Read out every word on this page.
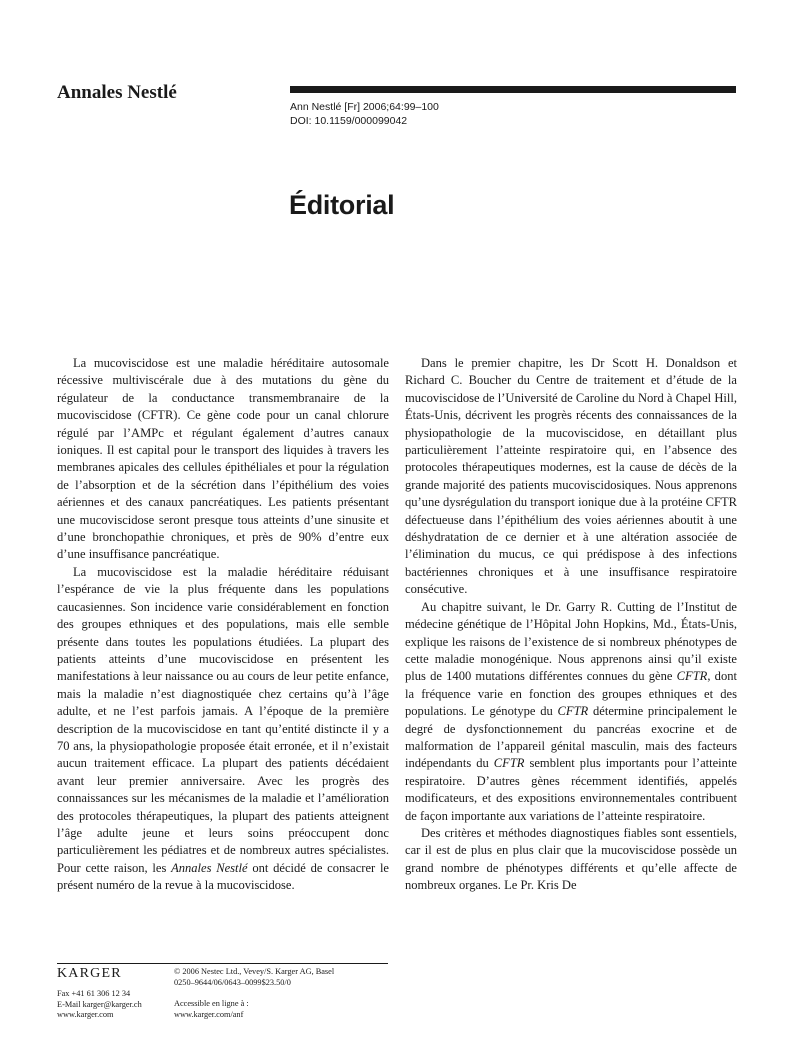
Annales Nestlé
Ann Nestlé [Fr] 2006;64:99–100
DOI: 10.1159/000099042
Éditorial

La mucoviscidose est une maladie héréditaire autosomale récessive multiviscérale due à des mutations du gène du régulateur de la conductance transmembranaire de la mucoviscidose (CFTR). Ce gène code pour un canal chlorure régulé par l’AMPc et régulant également d’autres canaux ioniques. Il est capital pour le transport des liquides à travers les membranes apicales des cellules épithéliales et pour la régulation de l’absorption et de la sécrétion dans l’épithélium des voies aériennes et des canaux pancréatiques. Les patients présentant une mucoviscidose seront presque tous atteints d’une sinusite et d’une bronchopathie chroniques, et près de 90% d’entre eux d’une insuffisance pancréatique.

La mucoviscidose est la maladie héréditaire réduisant l’espérance de vie la plus fréquente dans les populations caucasiennes. Son incidence varie considérablement en fonction des groupes ethniques et des populations, mais elle semble présente dans toutes les populations étudiées. La plupart des patients atteints d’une mucoviscidose en présentent les manifestations à leur naissance ou au cours de leur petite enfance, mais la maladie n’est diagnostiquée chez certains qu’à l’âge adulte, et ne l’est parfois jamais. A l’époque de la première description de la mucoviscidose en tant qu’entité distincte il y a 70 ans, la physiopathologie proposée était erronée, et il n’existait aucun traitement efficace. La plupart des patients décédaient avant leur premier anniversaire. Avec les progrès des connaissances sur les mécanismes de la maladie et l’amélioration des protocoles thérapeutiques, la plupart des patients atteignent l’âge adulte jeune et leurs soins préoccupent donc particulièrement les pédiatres et de nombreux autres spécialistes. Pour cette raison, les Annales Nestlé ont décidé de consacrer le présent numéro de la revue à la mucoviscidose.

Dans le premier chapitre, les Dr Scott H. Donaldson et Richard C. Boucher du Centre de traitement et d’étude de la mucoviscidose de l’Université de Caroline du Nord à Chapel Hill, États-Unis, décrivent les progrès récents des connaissances de la physiopathologie de la mucoviscidose, en détaillant plus particulièrement l’atteinte respiratoire qui, en l’absence des protocoles thérapeutiques modernes, est la cause de décès de la grande majorité des patients mucoviscidosiques. Nous apprenons qu’une dysrégulation du transport ionique due à la protéine CFTR défectueuse dans l’épithélium des voies aériennes aboutit à une déshydratation de ce dernier et à une altération associée de l’élimination du mucus, ce qui prédispose à des infections bactériennes chroniques et à une insuffisance respiratoire consécutive.

Au chapitre suivant, le Dr. Garry R. Cutting de l’Institut de médecine génétique de l’Hôpital John Hopkins, Md., États-Unis, explique les raisons de l’existence de si nombreux phénotypes de cette maladie monogénique. Nous apprenons ainsi qu’il existe plus de 1400 mutations différentes connues du gène CFTR, dont la fréquence varie en fonction des groupes ethniques et des populations. Le génotype du CFTR détermine principalement le degré de dysfonctionnement du pancréas exocrine et de malformation de l’appareil génital masculin, mais des facteurs indépendants du CFTR semblent plus importants pour l’atteinte respiratoire. D’autres gènes récemment identifiés, appelés modificateurs, et des expositions environnementales contribuent de façon importante aux variations de l’atteinte respiratoire.

Des critères et méthodes diagnostiques fiables sont essentiels, car il est de plus en plus clair que la mucoviscidose possède un grand nombre de phénotypes différents et qu’elle affecte de nombreux organes. Le Pr. Kris De

KARGER
Fax +41 61 306 12 34
E-Mail karger@karger.ch
www.karger.com
© 2006 Nestec Ltd., Vevey/S. Karger AG, Basel
0250–9644/06/0643–0099$23.50/0
Accessible en ligne à :
www.karger.com/anf
